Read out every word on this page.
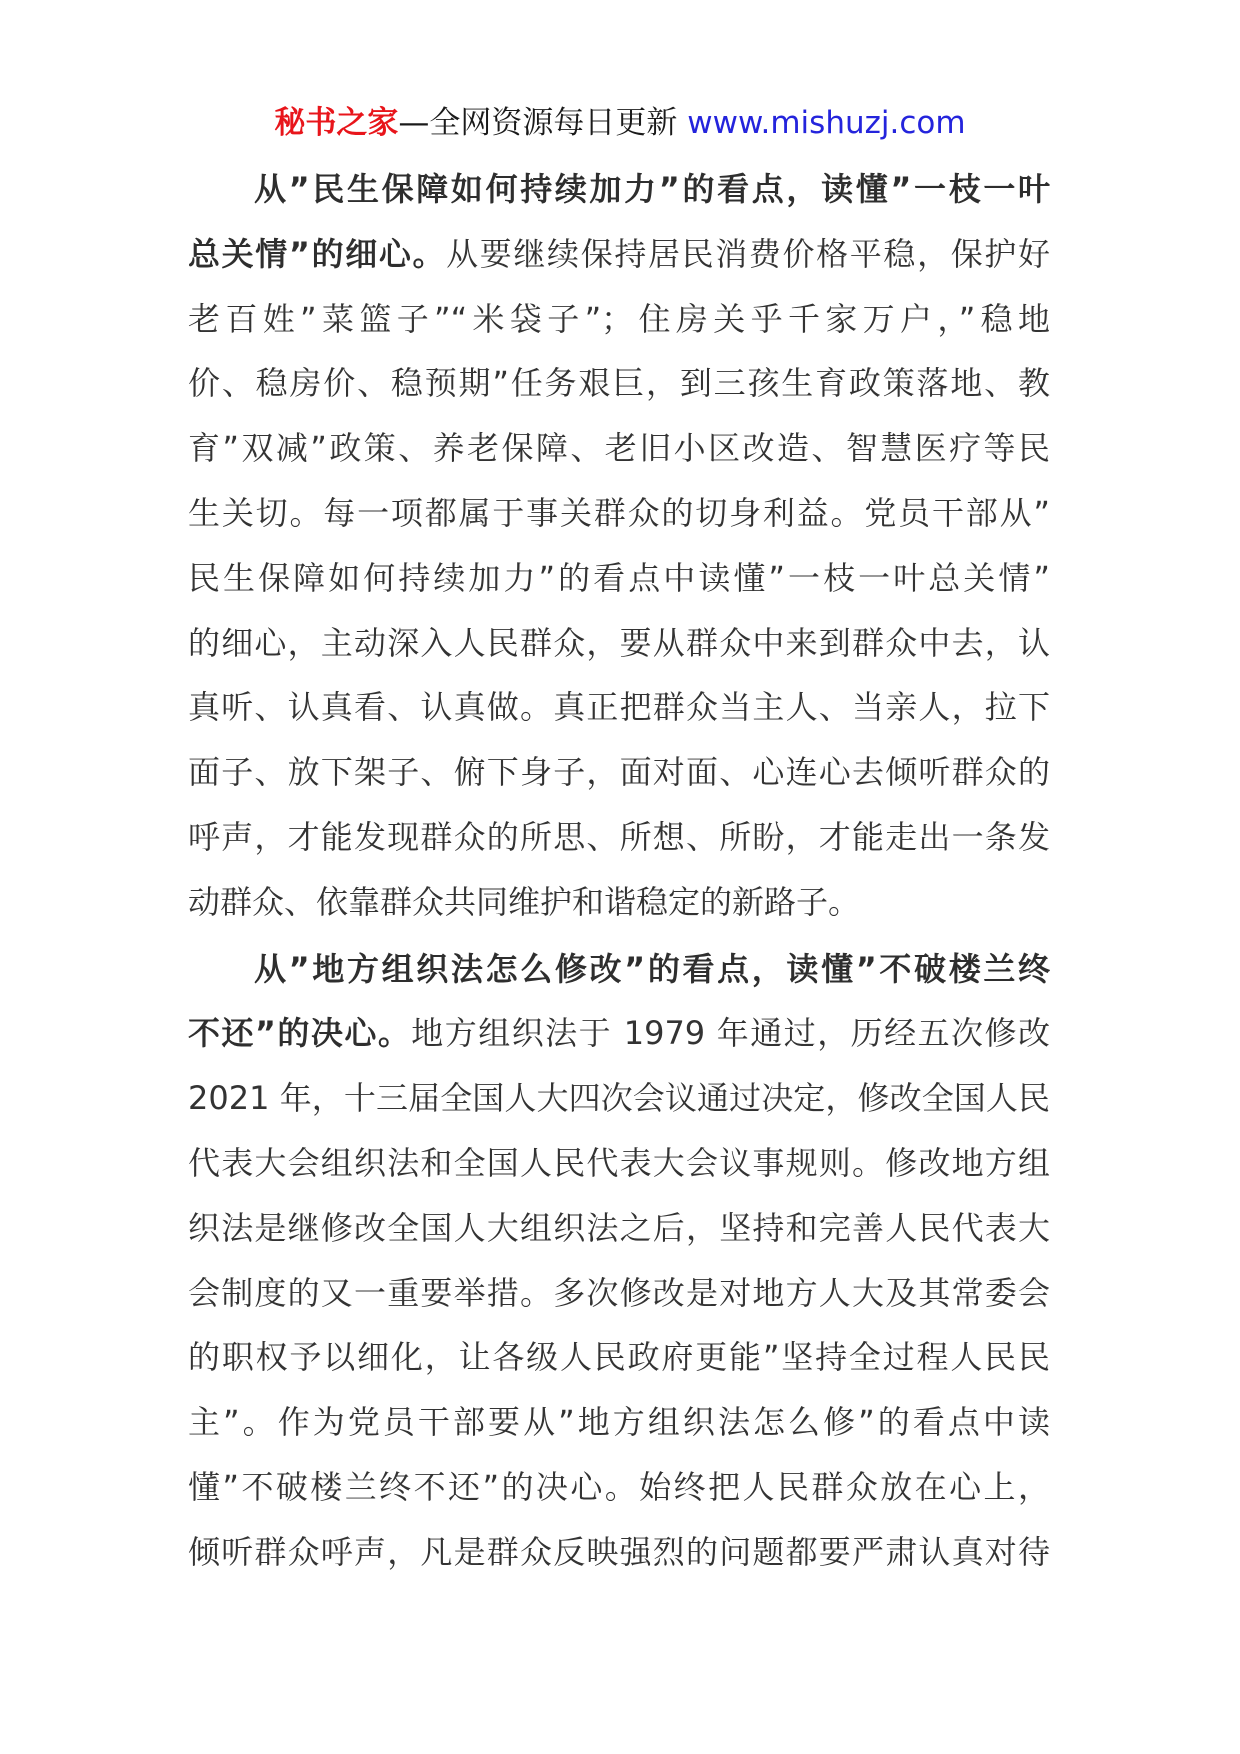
秘书之家—全网资源每日更新 www.mishuzj.com
从”民生保障如何持续加力”的看点，读懂”一枝一叶
总关情”的细心。从要继续保持居民消费价格平稳，保护好
老百姓”菜篮子”“米袋子”；住房关乎千家万户，”稳地
价、稳房价、稳预期”任务艰巨，到三孩生育政策落地、教
育”双减”政策、养老保障、老旧小区改造、智慧医疗等民
生关切。每一项都属于事关群众的切身利益。党员干部从”
民生保障如何持续加力”的看点中读懂”一枝一叶总关情”
的细心，主动深入人民群众，要从群众中来到群众中去，认
真听、认真看、认真做。真正把群众当主人、当亲人，拉下
面子、放下架子、俯下身子，面对面、心连心去倾听群众的
呼声，才能发现群众的所思、所想、所盼，才能走出一条发
动群众、依靠群众共同维护和谐稳定的新路子。
从”地方组织法怎么修改”的看点，读懂”不破楼兰终
不还”的决心。地方组织法于 1979 年通过，历经五次修改
2021 年，十三届全国人大四次会议通过决定，修改全国人民
代表大会组织法和全国人民代表大会议事规则。修改地方组
织法是继修改全国人大组织法之后，坚持和完善人民代表大
会制度的又一重要举措。多次修改是对地方人大及其常委会
的职权予以细化，让各级人民政府更能”坚持全过程人民民
主”。作为党员干部要从”地方组织法怎么修”的看点中读
懂”不破楼兰终不还”的决心。始终把人民群众放在心上，
倾听群众呼声，凡是群众反映强烈的问题都要严肃认真对待
